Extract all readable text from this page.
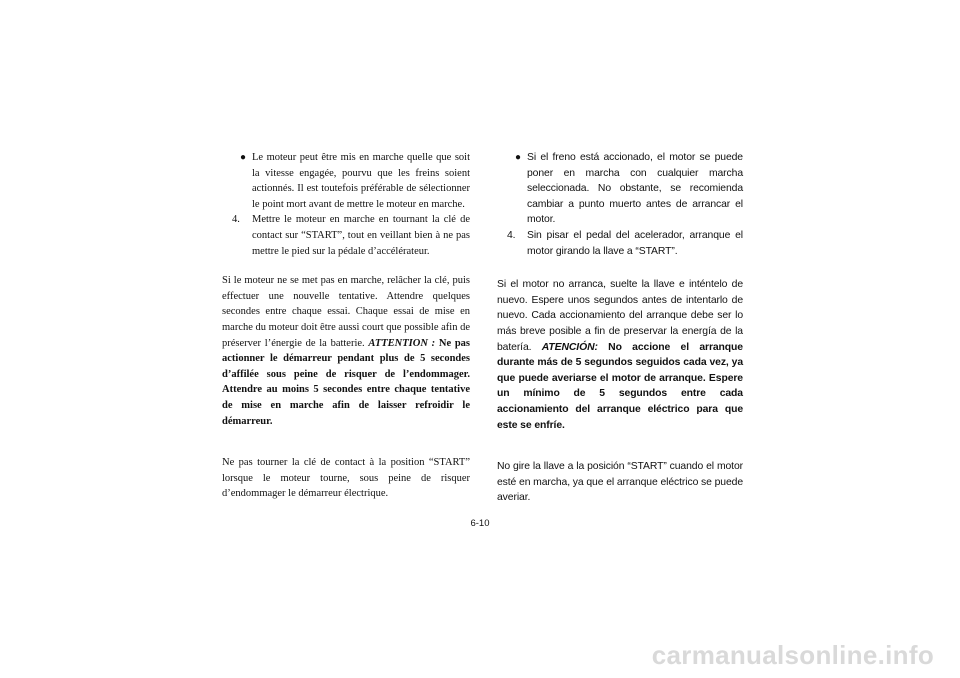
● Le moteur peut être mis en marche quelle que soit la vitesse engagée, pourvu que les freins soient actionnés. Il est toutefois préférable de sélectionner le point mort avant de mettre le moteur en marche.
4. Mettre le moteur en marche en tournant la clé de contact sur “START”, tout en veillant bien à ne pas mettre le pied sur la pédale d’accélérateur.

Si le moteur ne se met pas en marche, relâcher la clé, puis effectuer une nouvelle tentative. Attendre quelques secondes entre chaque essai. Chaque essai de mise en marche du moteur doit être aussi court que possible afin de préserver l’énergie de la batterie. ATTENTION : Ne pas actionner le démarreur pendant plus de 5 secondes d’affilée sous peine de risquer de l’endommager. Attendre au moins 5 secondes entre chaque tentative de mise en marche afin de laisser refroidir le démarreur.

Ne pas tourner la clé de contact à la position “START” lorsque le moteur tourne, sous peine de risquer d’endommager le démarreur électrique.

● Si el freno está accionado, el motor se puede poner en marcha con cualquier marcha seleccionada. No obstante, se recomienda cambiar a punto muerto antes de arrancar el motor.
4. Sin pisar el pedal del acelerador, arranque el motor girando la llave a “START”.

Si el motor no arranca, suelte la llave e inténtelo de nuevo. Espere unos segundos antes de intentarlo de nuevo. Cada accionamiento del arranque debe ser lo más breve posible a fin de preservar la energía de la batería. ATENCIÓN: No accione el arranque durante más de 5 segundos seguidos cada vez, ya que puede averiarse el motor de arranque. Espere un mínimo de 5 segundos entre cada accionamiento del arranque eléctrico para que este se enfríe.

No gire la llave a la posición “START” cuando el motor esté en marcha, ya que el arranque eléctrico se puede averiar.

6-10
carmanualsonline.info
